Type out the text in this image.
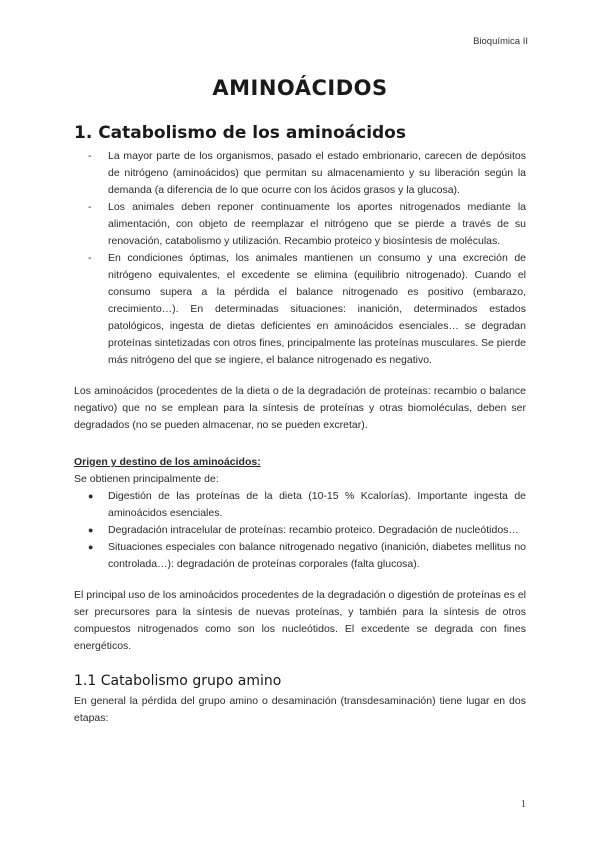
Bioquímica II
AMINOÁCIDOS
1. Catabolismo de los aminoácidos
- La mayor parte de los organismos, pasado el estado embrionario, carecen de depósitos de nitrógeno (aminoácidos) que permitan su almacenamiento y su liberación según la demanda (a diferencia de lo que ocurre con los ácidos grasos y la glucosa).
- Los animales deben reponer continuamente los aportes nitrogenados mediante la alimentación, con objeto de reemplazar el nitrógeno que se pierde a través de su renovación, catabolismo y utilización. Recambio proteico y biosíntesis de moléculas.
- En condiciones óptimas, los animales mantienen un consumo y una excreción de nitrógeno equivalentes, el excedente se elimina (equilibrio nitrogenado). Cuando el consumo supera a la pérdida el balance nitrogenado es positivo (embarazo, crecimiento…). En determinadas situaciones: inanición, determinados estados patológicos, ingesta de dietas deficientes en aminoácidos esenciales… se degradan proteínas sintetizadas con otros fines, principalmente las proteínas musculares. Se pierde más nitrógeno del que se ingiere, el balance nitrogenado es negativo.

Los aminoácidos (procedentes de la dieta o de la degradación de proteínas: recambio o balance negativo) que no se emplean para la síntesis de proteínas y otras biomoléculas, deben ser degradados (no se pueden almacenar, no se pueden excretar).

Origen y destino de los aminoácidos:
Se obtienen principalmente de:
● Digestión de las proteínas de la dieta (10-15 % Kcalorías). Importante ingesta de aminoácidos esenciales.
● Degradación intracelular de proteínas: recambio proteico. Degradación de nucleótidos…
● Situaciones especiales con balance nitrogenado negativo (inanición, diabetes mellitus no controlada…): degradación de proteínas corporales (falta glucosa).

El principal uso de los aminoácidos procedentes de la degradación o digestión de proteínas es el ser precursores para la síntesis de nuevas proteínas, y también para la síntesis de otros compuestos nitrogenados como son los nucleótidos. El excedente se degrada con fines energéticos.

1.1 Catabolismo grupo amino

En general la pérdida del grupo amino o desaminación (transdesaminación) tiene lugar en dos etapas:

1
